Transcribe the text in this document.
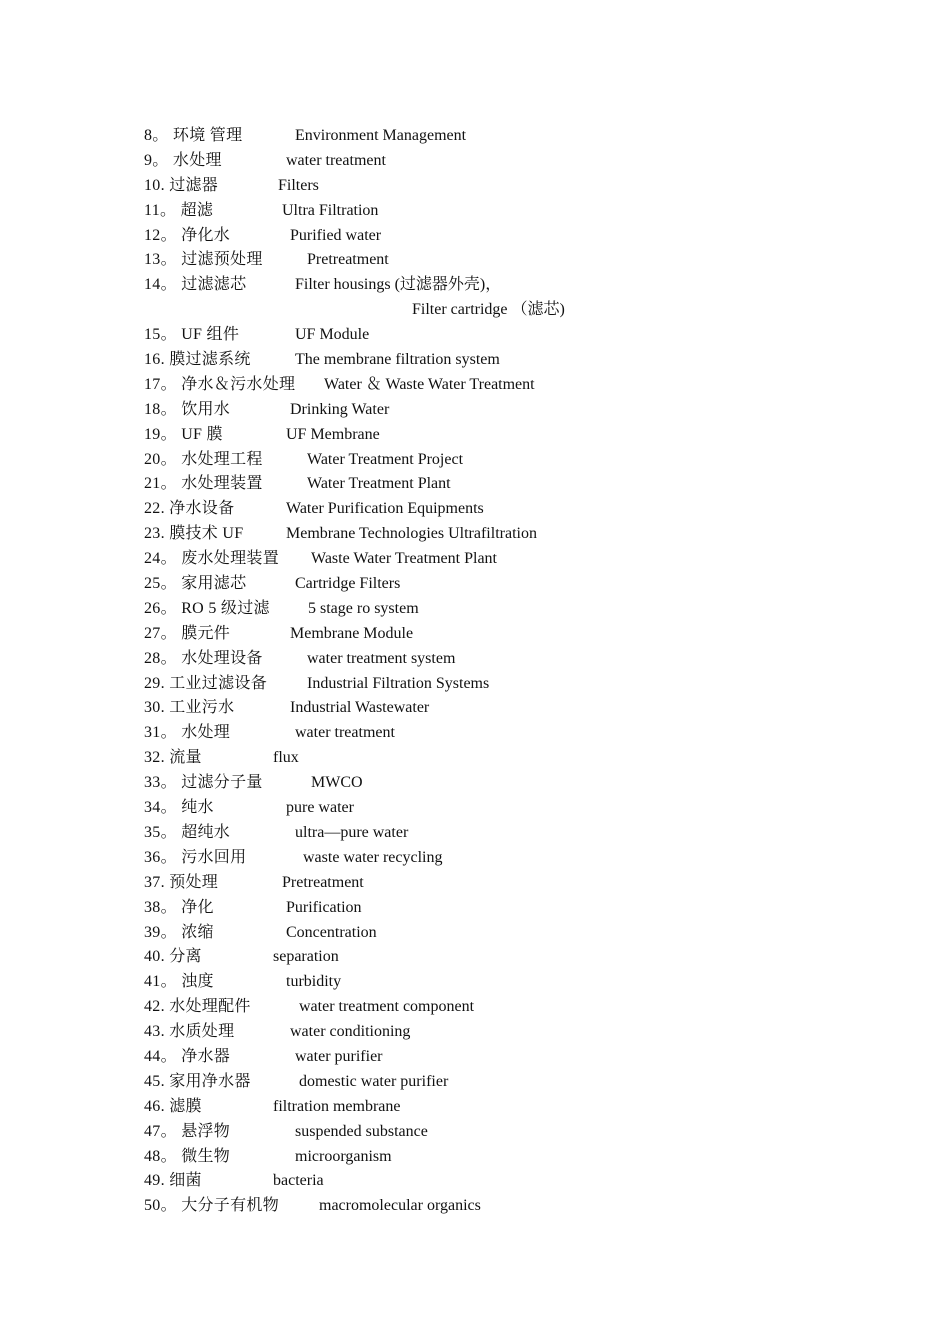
8。 环境 管理	Environment Management
9。 水处理	water treatment
10. 过滤器	Filters
11。 超滤	Ultra Filtration
12。 净化水	Purified water
13。 过滤预处理	Pretreatment
14。 过滤滤芯	Filter housings (过滤器外壳)，
Filter cartridge （滤芯)
15。 UF 组件	UF Module
16. 膜过滤系统	The membrane filtration system
17。 净水＆污水处理 Water ＆ Waste Water Treatment
18。 饮用水	Drinking Water
19。 UF 膜	UF Membrane
20。 水处理工程	Water Treatment Project
21。 水处理装置	Water Treatment Plant
22. 净水设备	Water Purification Equipments
23. 膜技术 UF	Membrane Technologies Ultrafiltration
24。 废水处理装置 Waste Water Treatment Plant
25。 家用滤芯	Cartridge Filters
26。 RO 5 级过滤 5 stage ro system
27。 膜元件	Membrane Module
28。 水处理设备	water treatment system
29. 工业过滤设备 Industrial Filtration Systems
30. 工业污水	Industrial Wastewater
31。 水处理	water treatment
32. 流量	flux
33。 过滤分子量	MWCO
34。 纯水	pure water
35。 超纯水	ultra—pure water
36。 污水回用	waste water recycling
37. 预处理	Pretreatment
38。 净化	Purification
39。 浓缩	Concentration
40. 分离	separation
41。 浊度	turbidity
42. 水处理配件	water treatment component
43. 水质处理	water conditioning
44。 净水器	water purifier
45. 家用净水器	domestic water purifier
46. 滤膜	filtration membrane
47。 悬浮物	suspended substance
48。 微生物	microorganism
49. 细菌	bacteria
50。 大分子有机物 macromolecular organics
